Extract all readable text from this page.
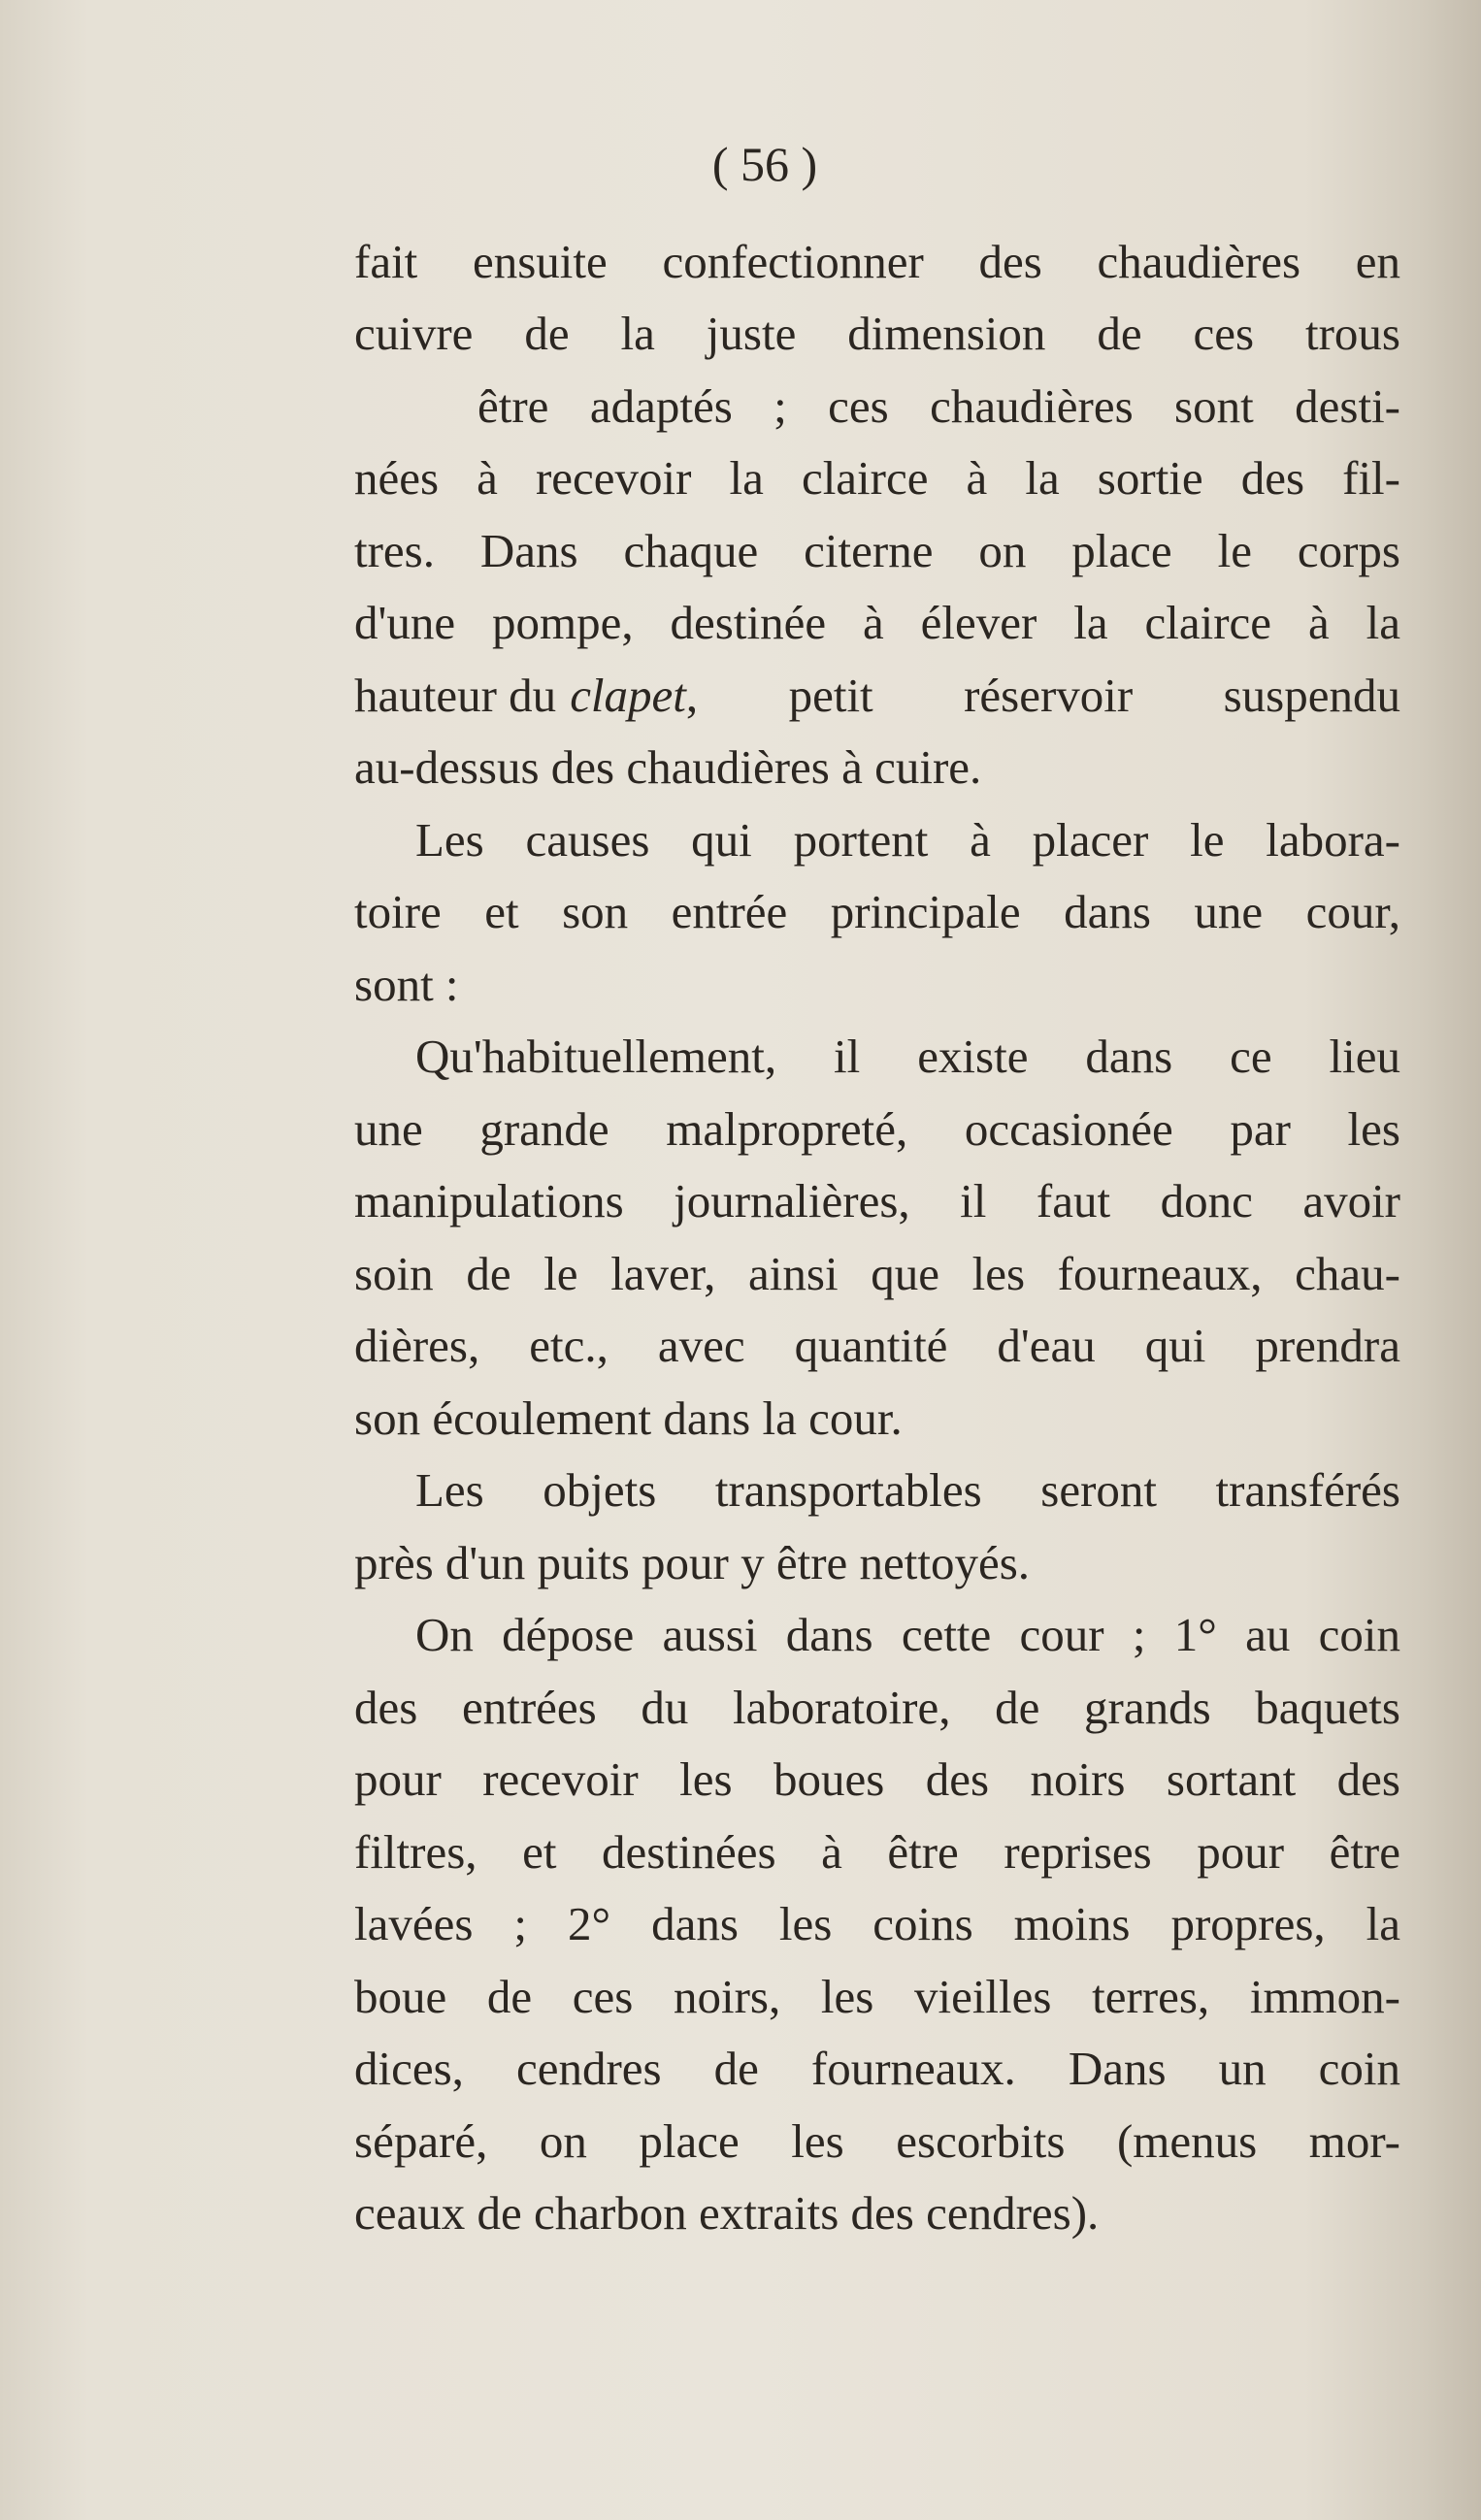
( 56 )
fait ensuite confectionner des chaudières en
cuivre de la juste dimension de ces trous
être adaptés ; ces chaudières sont desti-
nées à recevoir la clairce à la sortie des fil-
tres. Dans chaque citerne on place le corps
d'une pompe, destinée à élever la clairce à la
hauteur du clapet , petit réservoir suspendu
au-dessus des chaudières à cuire.
Les causes qui portent à placer le labora-
toire et son entrée principale dans une cour,
sont :
Qu'habituellement, il existe dans ce lieu
une grande malpropreté, occasionée par les
manipulations journalières, il faut donc avoir
soin de le laver, ainsi que les fourneaux, chau-
dières, etc., avec quantité d'eau qui prendra
son écoulement dans la cour.
Les objets transportables seront transférés
près d'un puits pour y être nettoyés.
On dépose aussi dans cette cour ; 1° au coin
des entrées du laboratoire, de grands baquets
pour recevoir les boues des noirs sortant des
filtres, et destinées à être reprises pour être
lavées ; 2° dans les coins moins propres, la
boue de ces noirs, les vieilles terres, immon-
dices, cendres de fourneaux. Dans un coin
séparé, on place les escorbits (menus mor-
ceaux de charbon extraits des cendres).
